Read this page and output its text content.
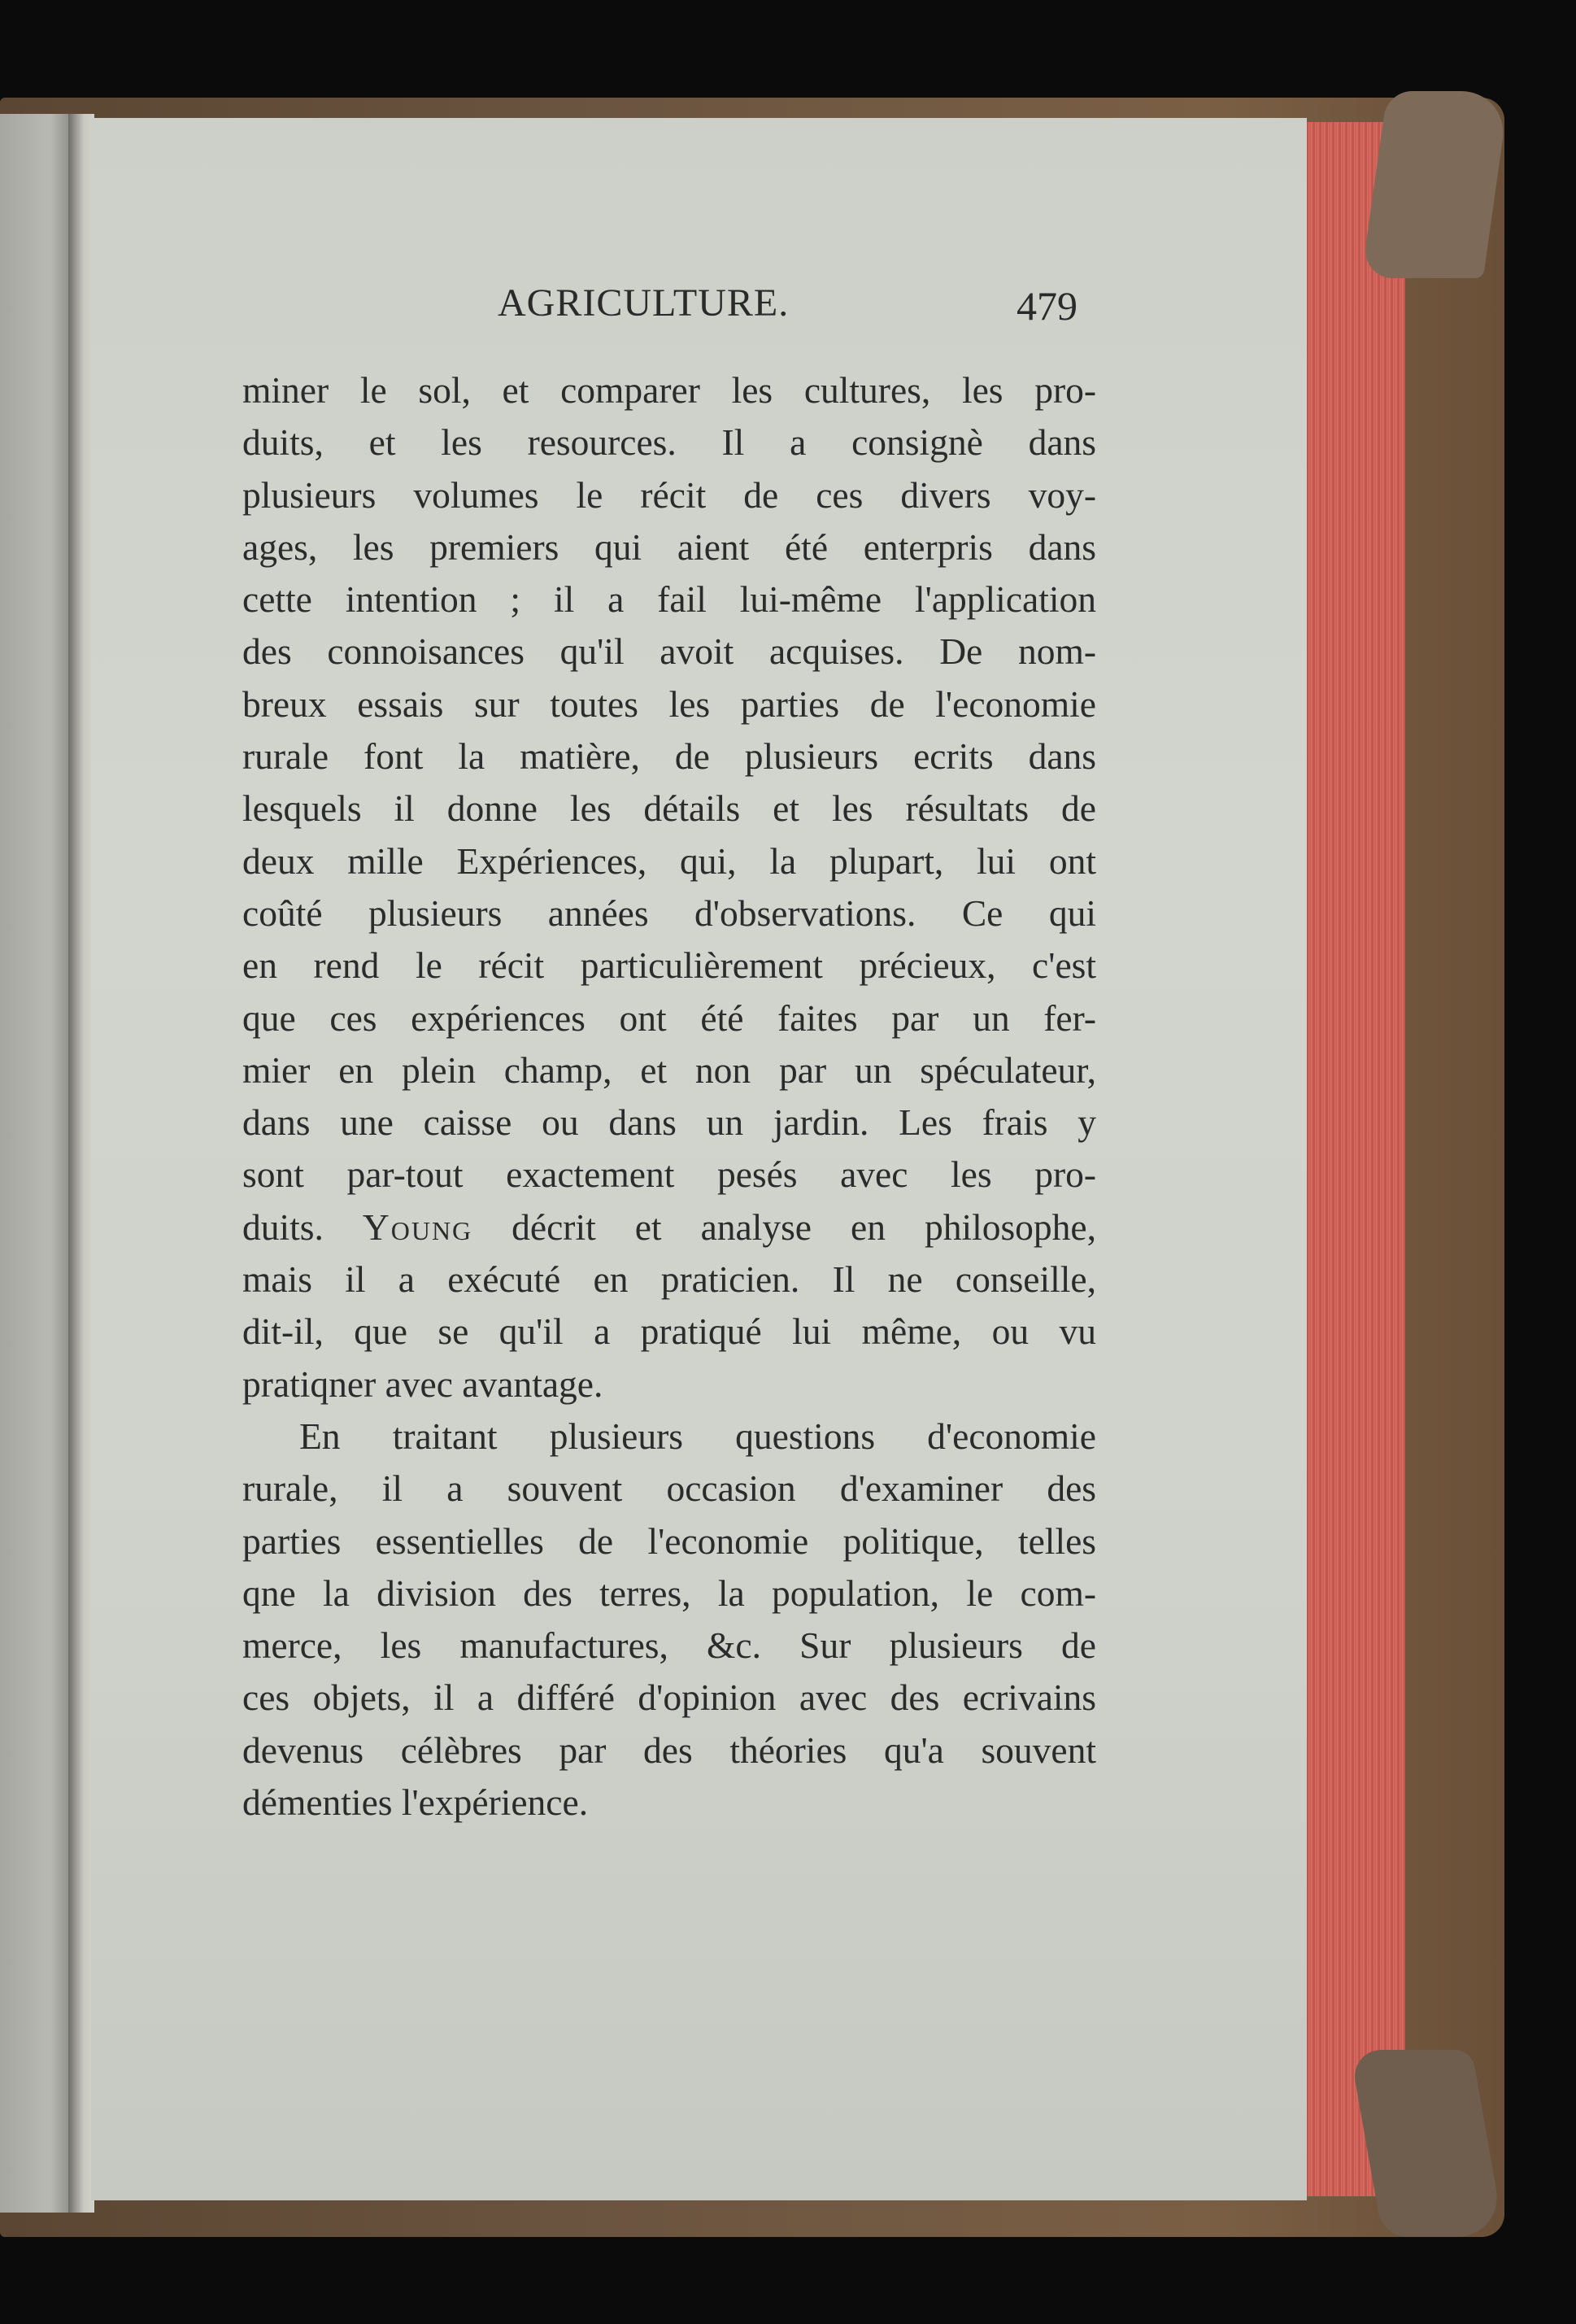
AGRICULTURE.	479
miner le sol, et comparer les cultures, les pro-
duits, et les resources. Il a consignè dans
plusieurs volumes le récit de ces divers voy-
ages, les premiers qui aient été enterpris dans
cette intention ; il a fail lui-même l'application
des connoisances qu'il avoit acquises. De nom-
breux essais sur toutes les parties de l'economie
rurale font la matière, de plusieurs ecrits dans
lesquels il donne les détails et les résultats de
deux mille Expériences, qui, la plupart, lui ont
coûté plusieurs années d'observations. Ce qui
en rend le récit particulièrement précieux, c'est
que ces expériences ont été faites par un fer-
mier en plein champ, et non par un spéculateur,
dans une caisse ou dans un jardin. Les frais y
sont par-tout exactement pesés avec les pro-
duits. Young décrit et analyse en philosophe,
mais il a exécuté en praticien. Il ne conseille,
dit-il, que se qu'il a pratiqué lui même, ou vu
pratiqner avec avantage.
En traitant plusieurs questions d'economie
rurale, il a souvent occasion d'examiner des
parties essentielles de l'economie politique, telles
qne la division des terres, la population, le com-
merce, les manufactures, &c. Sur plusieurs de
ces objets, il a différé d'opinion avec des ecrivains
devenus célèbres par des théories qu'a souvent
démenties l'expérience.
